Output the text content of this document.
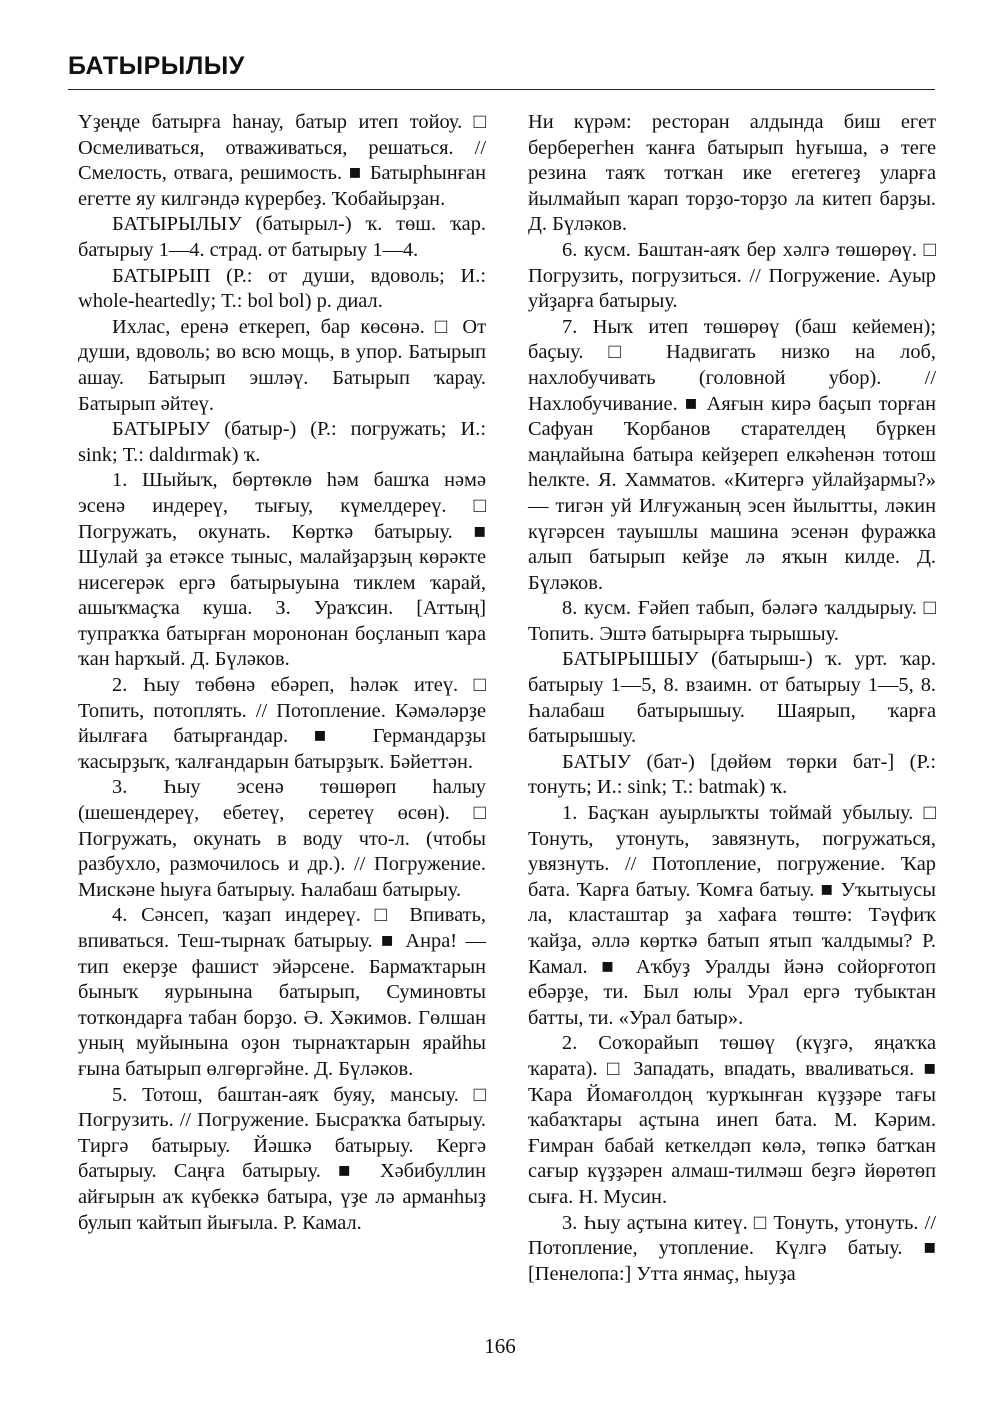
БАТЫРЫЛЫУ

Үҙеңде батырға һанау, батыр итеп тойоу. □ Осмеливаться, отваживаться, решаться. // Смелость, отвага, решимость. ■ Батырһынған егетте яу килгәндә күрербеҙ. Ҡобайырҙан.

БАТЫРЫЛЫУ (батырыл-) ҡ. төш. ҡар. батырыу 1—4. страд. от батырыу 1—4.

БАТЫРЫП (Р.: от души, вдоволь; И.: whole-heartedly; Т.: bol bol) р. диал.

Ихлас, еренә еткереп, бар көсөнә. □ От души, вдоволь; во всю мощь, в упор. Батырып ашау. Батырып эшләү. Батырып ҡарау. Батырып әйтеү.

БАТЫРЫУ (батыр-) (Р.: погружать; И.: sink; Т.: daldırmak) ҡ.

1. Шыйыҡ, бөртөклө һәм башҡа нәмә эсенә индереү, тығыу, күмелдереү. □ Погружать, окунать. Көрткә батырыу. ■ Шулай ҙа етәксе тыныс, малайҙарҙың көрәкте нисегерәк ергә батырыуына тиклем ҡарай, ашыҡмаҫҡа куша. З. Ураҡсин. [Аттың] тупраҡҡа батырған морононан боҫланып ҡара ҡан һарҡый. Д. Бүләков.

2. Һыу төбөнә ебәреп, һәләк итеү. □ Топить, потоплять. // Потопление. Кәмәләрҙе йылғаға батырғандар. ■ Германдарҙы ҡасырҙыҡ, ҡалғандарын батырҙыҡ. Бәйеттән.

3. Һыу эсенә төшөрөп һалыу (шешендереү, ебетеү, серетеү өсөн). □ Погружать, окунать в воду что-л. (чтобы разбухло, размочилось и др.). // Погружение. Мискәне һыуға батырыу. Һалабаш батырыу.

4. Сәнсеп, ҡаҙап индереү. □ Впивать, впиваться. Теш-тырнаҡ батырыу. ■ Анра! — тип екерҙе фашист эйәрсене. Бармаҡтарын быныҡ яурынына батырып, Суминовты тоткондарға табан борҙо. Ә. Хәкимов. Гөлшан уның муйынына оҙон тырнаҡтарын ярайһы ғына батырып өлгөргәйне. Д. Бүләков.

5. Тотош, баштан-аяҡ буяу, мансыу. □ Погрузить. // Погружение. Бысраҡҡа батырыу. Тиргә батырыу. Йәшкә батырыу. Кергә батырыу. Саңға батырыу. ■ Хәбибуллин айғырын аҡ күбеккә батыра, үҙе лә арманһыҙ булып ҡайтып йығыла. Р. Камал.

Ни күрәм: ресторан алдында биш егет берберегһен ҡанға батырып һуғыша, ә теге резина таяҡ тотҡан ике егетегеҙ уларға йылмайып ҡарап торҙо-торҙо ла китеп барҙы. Д. Бүләков.

6. кусм. Баштан-аяҡ бер хәлгә төшөрөү. □ Погрузить, погрузиться. // Погружение. Ауыр уйҙарға батырыу.

7. Ныҡ итеп төшөрөү (баш кейемен); баҫыу. □ Надвигать низко на лоб, нахлобучивать (головной убор). // Нахлобучивание. ■ Аяғын кирә баҫып торған Сафуан Ҡорбанов старателдең бүркен маңлайына батыра кейҙереп елкәһенән тотош һелкте. Я. Хамматов. «Китергә уйлайҙармы?» — тигән уй Илғужаның эсен йылытты, ләкин күгәрсен тауышлы машина эсенән фуражка алып батырып кейҙе лә яҡын килде. Д. Бүләков.

8. кусм. Ғәйеп табып, бәләгә ҡалдырыу. □ Топить. Эштә батырырға тырышыу.

БАТЫРЫШЫУ (батырыш-) ҡ. урт. ҡар. батырыу 1—5, 8. взаимн. от батырыу 1—5, 8. Һалабаш батырышыу. Шаярып, ҡарға батырышыу.

БАТЫУ (бат-) [дөйөм төрки бат-] (Р.: тонуть; И.: sink; Т.: batmak) ҡ.

1. Баҫҡан ауырлыҡты тоймай убылыу. □ Тонуть, утонуть, завязнуть, погружаться, увязнуть. // Потопление, погружение. Ҡар бата. Ҡарға батыу. Ҡомға батыу. ■ Уҡытыусы ла, класташтар ҙа хафаға төштө: Тәүфиҡ ҡайҙа, әллә көрткә батып ятып ҡалдымы? Р. Камал. ■ Аҡбуҙ Уралды йәнә сойорғотоп ебәрҙе, ти. Был юлы Урал ергә тубыктан батты, ти. «Урал батыр».

2. Соҡорайып төшөү (күҙгә, яңаҡҡа ҡарата). □ Западать, впадать, вваливаться. ■ Ҡара Йомағолдоң ҡурҡынған күҙҙәре тағы ҡабаҡтары аҫтына инеп бата. М. Кәрим. Ғимран бабай кеткелдәп көлә, төпкә батҡан сағыр күҙҙәрен алмаш-тилмәш беҙгә йөрөтөп сыға. Н. Мусин.

3. Һыу аҫтына китеү. □ Тонуть, утонуть. // Потопление, утопление. Күлгә батыу. ■ [Пенелопа:] Утта янмаҫ, һыуҙа

166
